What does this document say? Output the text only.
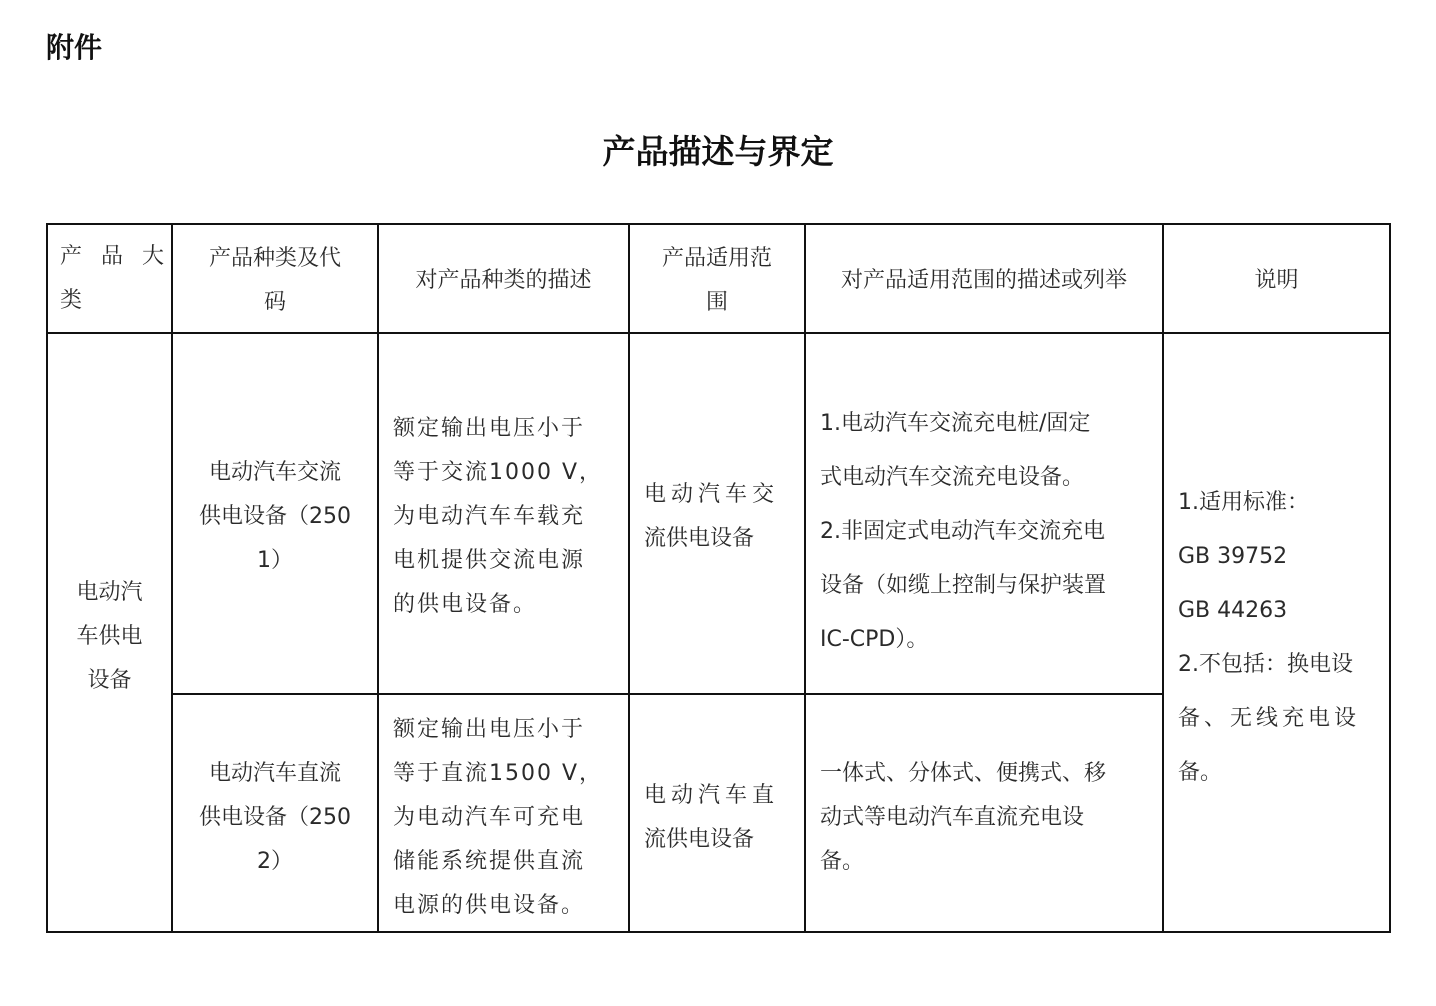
附件
产品描述与界定
产 品 大
类
产品种类及代
码
对产品种类的描述
产品适用范
围
对产品适用范围的描述或列举	说明
电动汽
车供电
设备
电动汽车交流
供电设备（250
1）
额定输出电压小于
等于交流1000 V，
为电动汽车车载充
电机提供交流电源
的供电设备。
电动汽车交
流供电设备
1.电动汽车交流充电桩/固定
式电动汽车交流充电设备。
2.非固定式电动汽车交流充电
设备（如缆上控制与保护装置
IC-CPD）。
电动汽车直流
供电设备（250
2）
额定输出电压小于
等于直流1500 V，
为电动汽车可充电
储能系统提供直流
电源的供电设备。
电动汽车直
流供电设备
一体式、分体式、便携式、移
动式等电动汽车直流充电设
备。
1.适用标准：
GB 39752
GB 44263
2.不包括：换电设
备、无线充电设
备。
